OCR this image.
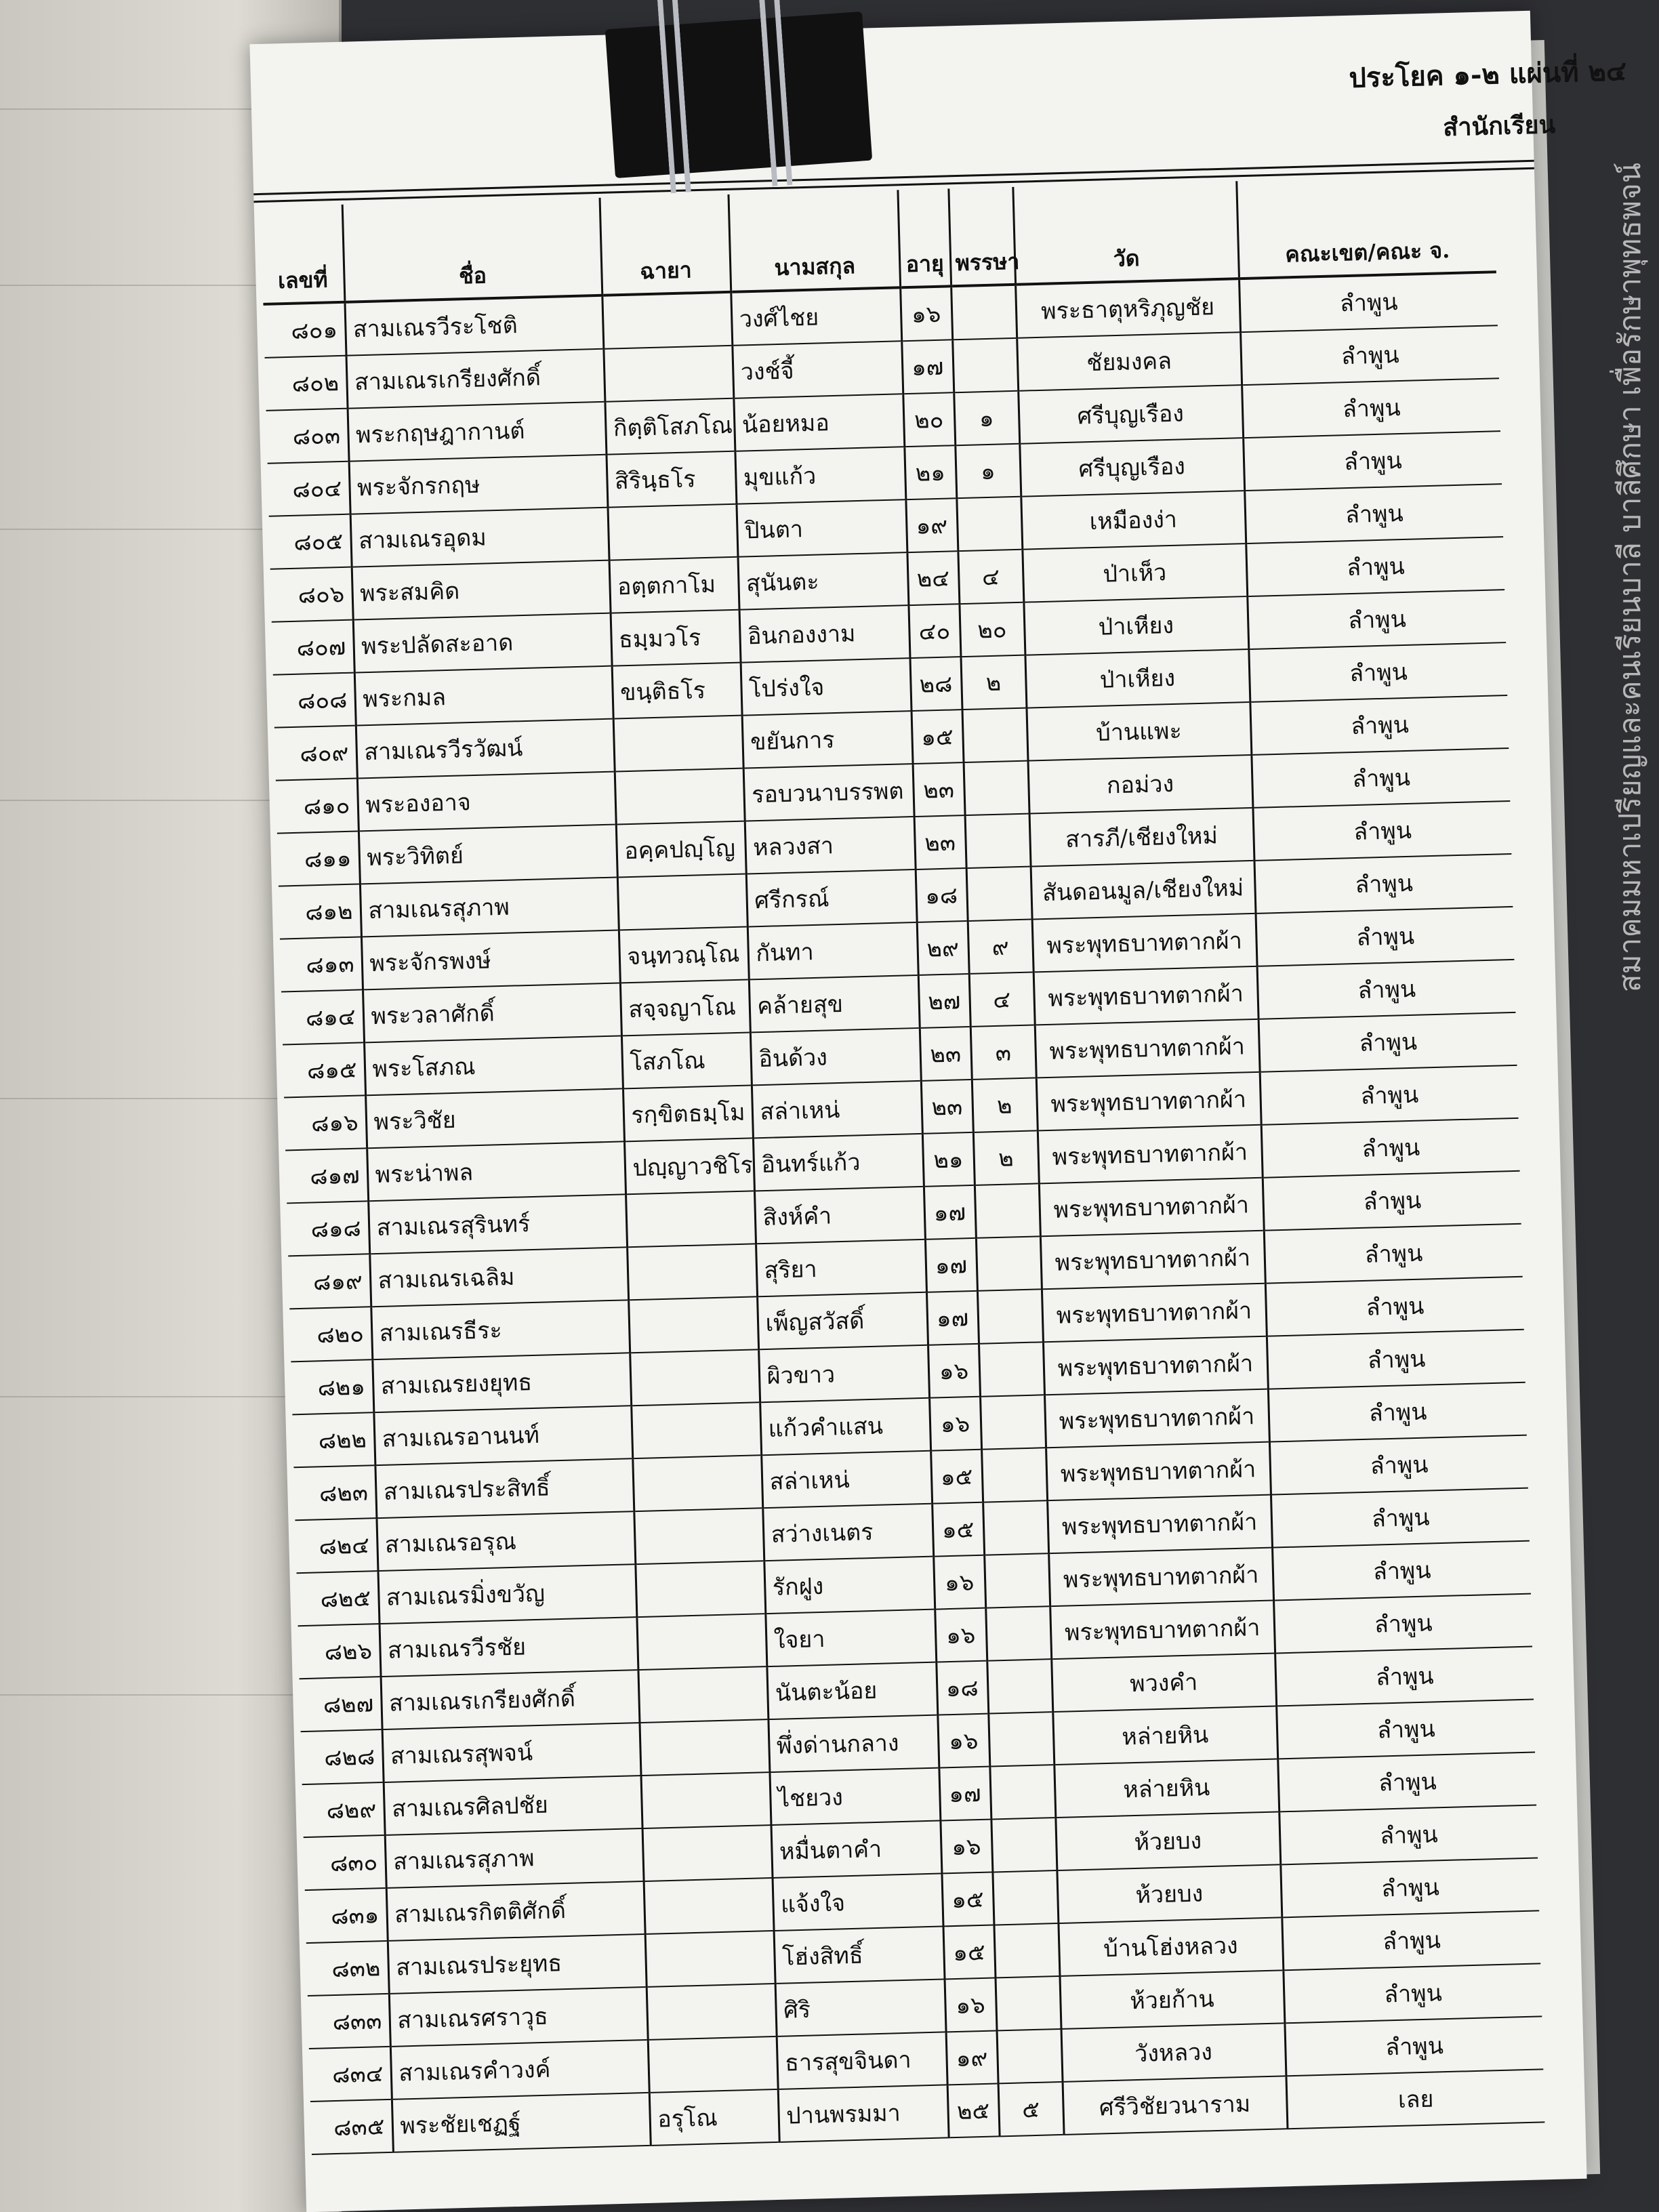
ประโยค ๑-๒ แผ่นที่ ๒๔
สำนักเรียน
เลขที่	ชื่อ	ฉายา	นามสกุล	อายุ	พรรษา	วัด	คณะเขต/คณะ จ.
๘๐๑	สามเณรวีระโชติ		วงศ์ไชย	๑๖		พระธาตุหริภุญชัย	ลำพูน
๘๐๒	สามเณรเกรียงศักดิ์		วงช์จี้	๑๗		ชัยมงคล	ลำพูน
๘๐๓	พระกฤษฎากานต์	กิตฺติโสภโณ	น้อยหมอ	๒๐	๑	ศรีบุญเรือง	ลำพูน
๘๐๔	พระจักรกฤษ	สิรินฺธโร	มุขแก้ว	๒๑	๑	ศรีบุญเรือง	ลำพูน
๘๐๕	สามเณรอุดม		ปินตา	๑๙		เหมืองง่า	ลำพูน
๘๐๖	พระสมคิด	อตฺตกาโม	สุนันตะ	๒๔	๔	ป่าเห็ว	ลำพูน
๘๐๗	พระปลัดสะอาด	ธมฺมวโร	อินกองงาม	๔๐	๒๐	ป่าเหียง	ลำพูน
๘๐๘	พระกมล	ขนฺติธโร	โปร่งใจ	๒๘	๒	ป่าเหียง	ลำพูน
๘๐๙	สามเณรวีรวัฒน์		ขยันการ	๑๕		บ้านแพะ	ลำพูน
๘๑๐	พระองอาจ		รอบวนาบรรพต	๒๓		กอม่วง	ลำพูน
๘๑๑	พระวิทิตย์	อคฺคปญฺโญ	หลวงสา	๒๓		สารภี/เชียงใหม่	ลำพูน
๘๑๒	สามเณรสุภาพ		ศรีกรณ์	๑๘		สันดอนมูล/เชียงใหม่	ลำพูน
๘๑๓	พระจักรพงษ์	จนฺทวณฺโณ	กันทา	๒๙	๙	พระพุทธบาทตากผ้า	ลำพูน
๘๑๔	พระวลาศักดิ์	สจฺจญาโณ	คล้ายสุข	๒๗	๔	พระพุทธบาทตากผ้า	ลำพูน
๘๑๕	พระโสภณ	โสภโณ	อินด้วง	๒๓	๓	พระพุทธบาทตากผ้า	ลำพูน
๘๑๖	พระวิชัย	รกฺขิตธมฺโม	สล่าเหน่	๒๓	๒	พระพุทธบาทตากผ้า	ลำพูน
๘๑๗	พระน่าพล	ปญฺญาวชิโร	อินทร์แก้ว	๒๑	๒	พระพุทธบาทตากผ้า	ลำพูน
๘๑๘	สามเณรสุรินทร์		สิงห์คำ	๑๗		พระพุทธบาทตากผ้า	ลำพูน
๘๑๙	สามเณรเฉลิม		สุริยา	๑๗		พระพุทธบาทตากผ้า	ลำพูน
๘๒๐	สามเณรธีระ		เพ็ญสวัสดิ์	๑๗		พระพุทธบาทตากผ้า	ลำพูน
๘๒๑	สามเณรยงยุทธ		ผิวขาว	๑๖		พระพุทธบาทตากผ้า	ลำพูน
๘๒๒	สามเณรอานนท์		แก้วคำแสน	๑๖		พระพุทธบาทตากผ้า	ลำพูน
๘๒๓	สามเณรประสิทธิ์		สล่าเหน่	๑๕		พระพุทธบาทตากผ้า	ลำพูน
๘๒๔	สามเณรอรุณ		สว่างเนตร	๑๕		พระพุทธบาทตากผ้า	ลำพูน
๘๒๕	สามเณรมิ่งขวัญ		รักฝูง	๑๖		พระพุทธบาทตากผ้า	ลำพูน
๘๒๖	สามเณรวีรชัย		ใจยา	๑๖		พระพุทธบาทตากผ้า	ลำพูน
๘๒๗	สามเณรเกรียงศักดิ์		นันตะน้อย	๑๘		พวงคำ	ลำพูน
๘๒๘	สามเณรสุพจน์		พึ่งด่านกลาง	๑๖		หล่ายหิน	ลำพูน
๘๒๙	สามเณรศิลปชัย		ไชยวง	๑๗		หล่ายหิน	ลำพูน
๘๓๐	สามเณรสุภาพ		หมื่นตาคำ	๑๖		ห้วยบง	ลำพูน
๘๓๑	สามเณรกิตติศักดิ์		แจ้งใจ	๑๕		ห้วยบง	ลำพูน
๘๓๒	สามเณรประยุทธ		โฮ่งสิทธิ์	๑๕		บ้านโฮ่งหลวง	ลำพูน
๘๓๓	สามเณรศราวุธ		ศิริ	๑๖		ห้วยก้าน	ลำพูน
๘๓๔	สามเณรคำวงค์		ธารสุขจินดา	๑๙		วังหลวง	ลำพูน
๘๓๕	พระชัยเชฏฐ์	อรุโณ	ปานพรมมา	๒๕	๕	ศรีวิชัยวนาราม	เลย
สมาคมมหาเปรียญและคนเรียนบาลี บาลีศึกษา เพื่อรักษาพุทธพจน์
